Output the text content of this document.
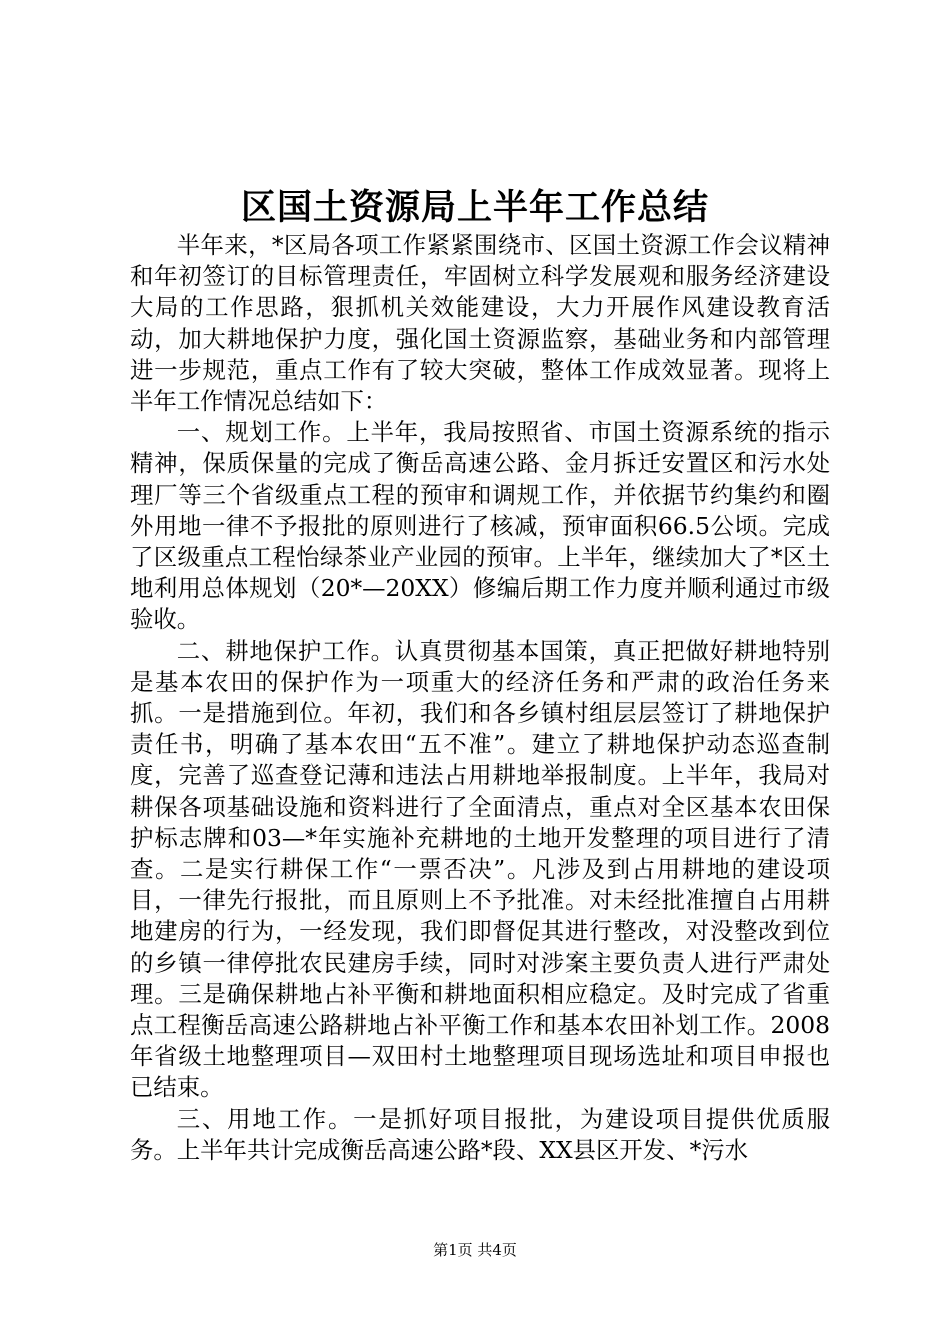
区国土资源局上半年工作总结

半年来，*区局各项工作紧紧围绕市、区国土资源工作会议精神和年初签订的目标管理责任，牢固树立科学发展观和服务经济建设大局的工作思路，狠抓机关效能建设，大力开展作风建设教育活动，加大耕地保护力度，强化国土资源监察，基础业务和内部管理进一步规范，重点工作有了较大突破，整体工作成效显著。现将上半年工作情况总结如下：

一、规划工作。上半年，我局按照省、市国土资源系统的指示精神，保质保量的完成了衡岳高速公路、金月拆迁安置区和污水处理厂等三个省级重点工程的预审和调规工作，并依据节约集约和圈外用地一律不予报批的原则进行了核减，预审面积66.5公顷。完成了区级重点工程怡绿茶业产业园的预审。上半年，继续加大了*区土地利用总体规划（20*—20XX）修编后期工作力度并顺利通过市级验收。

二、耕地保护工作。认真贯彻基本国策，真正把做好耕地特别是基本农田的保护作为一项重大的经济任务和严肃的政治任务来抓。一是措施到位。年初，我们和各乡镇村组层层签订了耕地保护责任书，明确了基本农田“五不准”。建立了耕地保护动态巡查制度，完善了巡查登记薄和违法占用耕地举报制度。上半年，我局对耕保各项基础设施和资料进行了全面清点，重点对全区基本农田保护标志牌和03—*年实施补充耕地的土地开发整理的项目进行了清查。二是实行耕保工作“一票否决”。凡涉及到占用耕地的建设项目，一律先行报批，而且原则上不予批准。对未经批准擅自占用耕地建房的行为，一经发现，我们即督促其进行整改，对没整改到位的乡镇一律停批农民建房手续，同时对涉案主要负责人进行严肃处理。三是确保耕地占补平衡和耕地面积相应稳定。及时完成了省重点工程衡岳高速公路耕地占补平衡工作和基本农田补划工作。2008年省级土地整理项目—双田村土地整理项目现场选址和项目申报也已结束。

三、用地工作。一是抓好项目报批，为建设项目提供优质服务。上半年共计完成衡岳高速公路*段、XX县区开发、*污水

第1页 共4页
